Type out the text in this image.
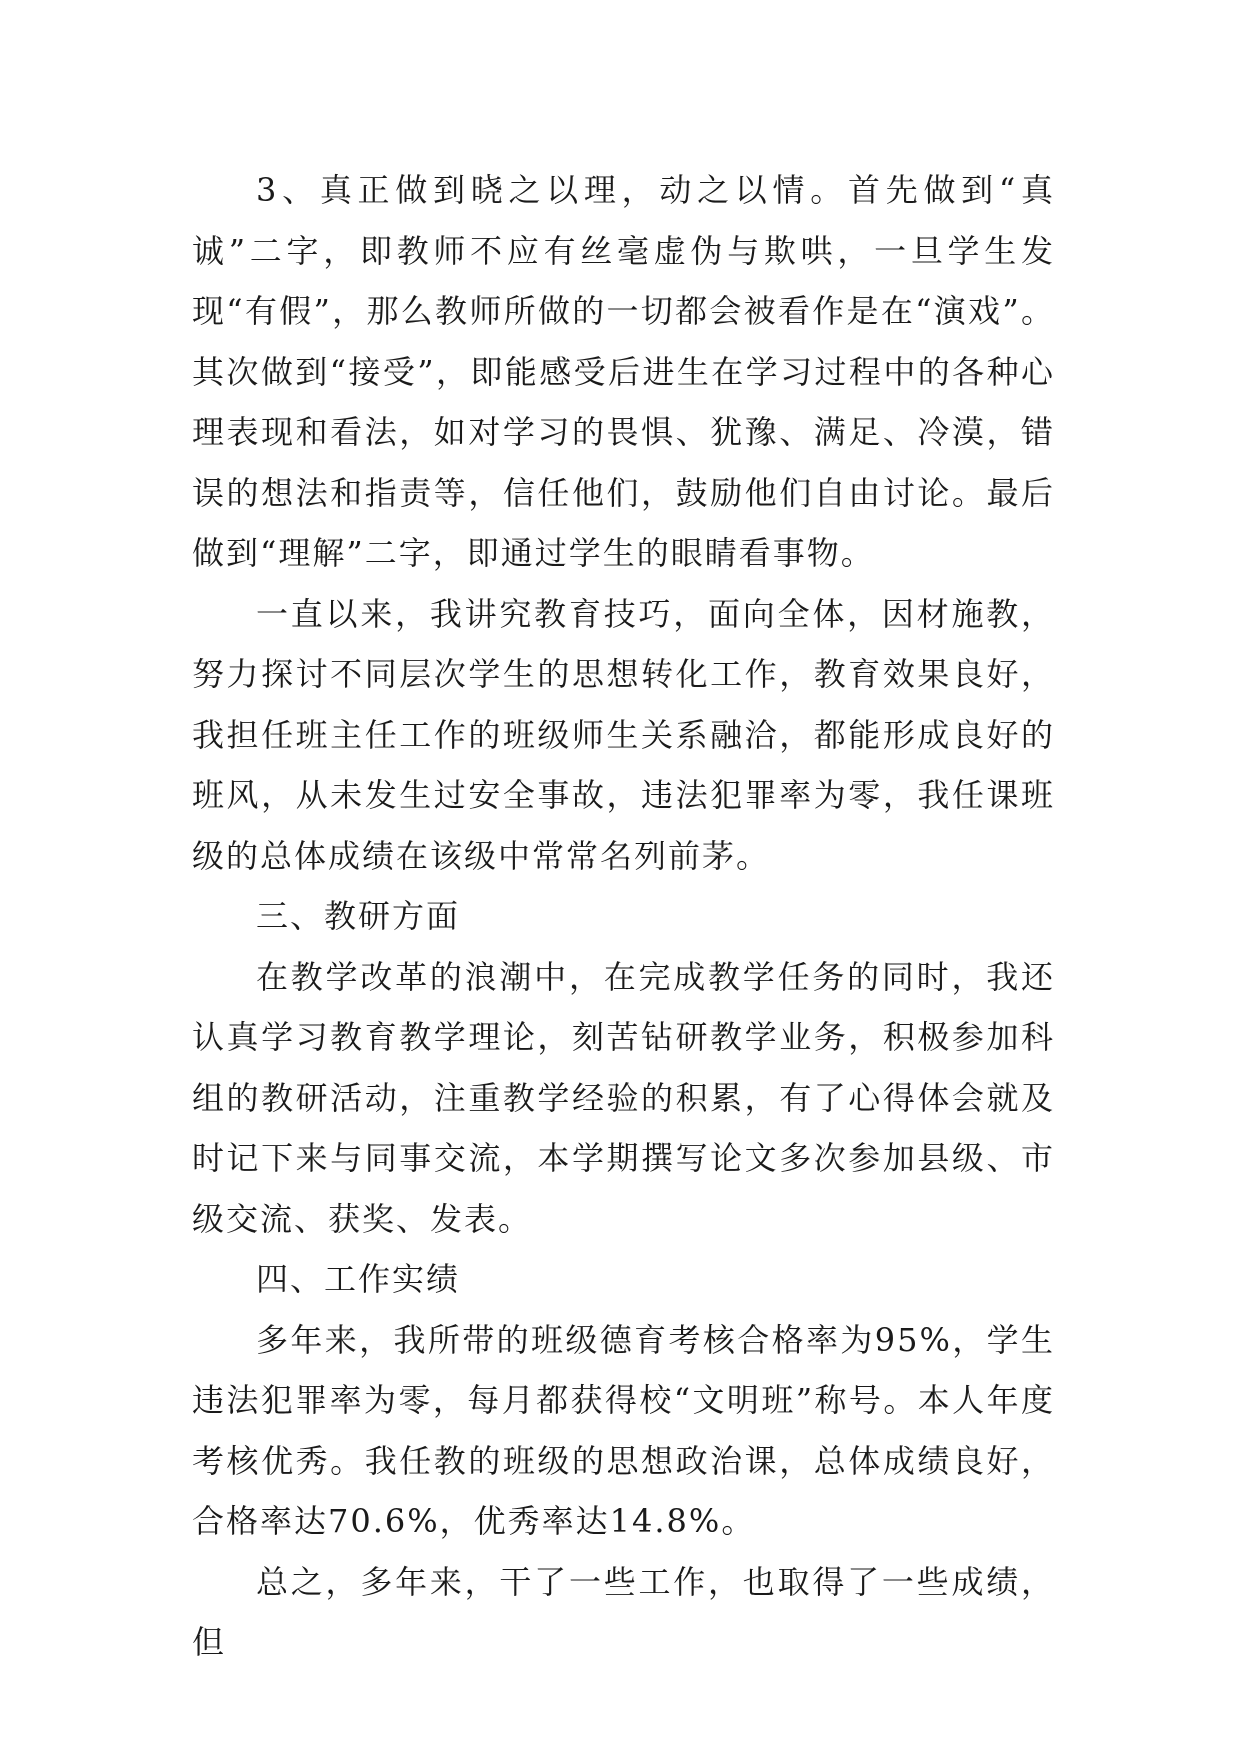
3、真正做到晓之以理，动之以情。首先做到“真诚”二字，即教师不应有丝毫虚伪与欺哄，一旦学生发现“有假”，那么教师所做的一切都会被看作是在“演戏”。其次做到“接受”，即能感受后进生在学习过程中的各种心理表现和看法，如对学习的畏惧、犹豫、满足、冷漠，错误的想法和指责等，信任他们，鼓励他们自由讨论。最后做到“理解”二字，即通过学生的眼睛看事物。

一直以来，我讲究教育技巧，面向全体，因材施教，努力探讨不同层次学生的思想转化工作，教育效果良好，我担任班主任工作的班级师生关系融洽，都能形成良好的班风，从未发生过安全事故，违法犯罪率为零，我任课班级的总体成绩在该级中常常名列前茅。

三、教研方面

在教学改革的浪潮中，在完成教学任务的同时，我还认真学习教育教学理论，刻苦钻研教学业务，积极参加科组的教研活动，注重教学经验的积累，有了心得体会就及时记下来与同事交流，本学期撰写论文多次参加县级、市级交流、获奖、发表。

四、工作实绩

多年来，我所带的班级德育考核合格率为95%，学生违法犯罪率为零，每月都获得校“文明班”称号。本人年度考核优秀。我任教的班级的思想政治课，总体成绩良好，合格率达70.6%，优秀率达14.8%。

总之，多年来，干了一些工作，也取得了一些成绩，但
